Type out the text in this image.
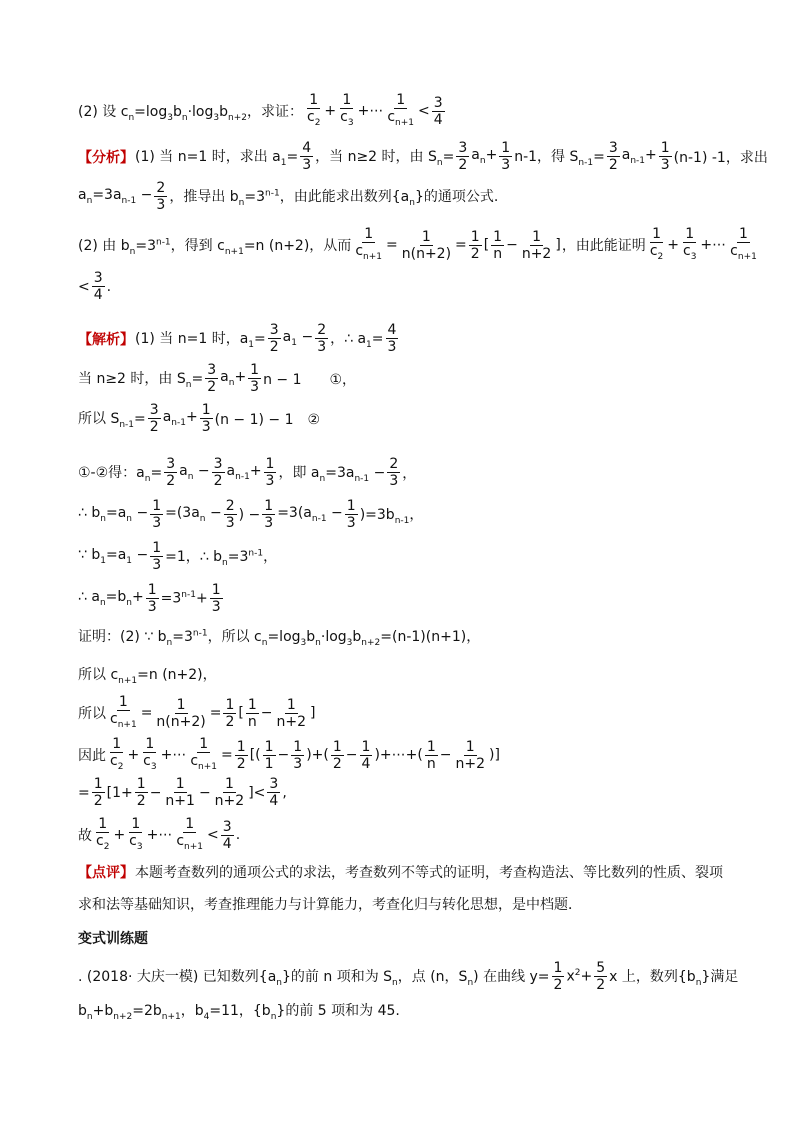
(2) 设 $c_n=\log_3b_n\cdot\log_3b_{n+2}$，求证：
1
$c_2$
+
1
$c_3$
+⋯
1
$c_{n+1}$
<
3
4
【分析】 (1) 当 n=1 时，求出 $a_1= \frac{4}{3}$ ，当 n≥2 时，由 $S_n= \frac{3}{2} a_n+ \frac{1}{3} n-1$，得 $S_{n-1}= \frac{3}{2} a_{n-1}+ \frac{1}{3} (n-1)$ -1，求出
$a_n=3a_{n-1} - \frac{2}{3}$ ，推导出 $b_n=3^{n-1}$，由此能求出数列$\{a_n\}$的通项公式.
(2) 由 $b_n=3^{n-1}$，得到 $c_{n+1}=n$ (n+2)，从而
1
$c_{n+1}$
=
1
n(n+2)
=
1
2
[
1
n
−
1
n+2
] ，由此能证明
1
$c_2$
+
1
$c_3$
+⋯
1
$c_{n+1}$
<
3
4
.
【解析】 (1) 当 n=1 时，$a_1= \frac{3}{2} a_1 - \frac{2}{3}$ ，∴ $a_1= \frac{4}{3}$
当 n≥2 时，由 $S_n= \frac{3}{2} a_n+ \frac{1}{3}$ n − 1　　①，
所以 $S_{n-1}= \frac{3}{2} a_{n-1}+ \frac{1}{3} (n - 1) - 1$　②
①-②得：$a_n= \frac{3}{2} a_n - \frac{3}{2} a_{n-1}+ \frac{1}{3}$ ，即 $a_n=3a_{n-1} - \frac{2}{3}$ ，
∴ $b_n=a_n - \frac{1}{3} =(3a_n - \frac{2}{3}$ ) − $\frac{1}{3} =3(a_{n-1} - \frac{1}{3} )=3b_{n-1}$，
∵ $b_1=a_1 - \frac{1}{3} =1$，∴ $b_n=3^{n-1}$，
∴ $a_n=b_n+ \frac{1}{3} =3^{n-1}+ \frac{1}{3}$
证明：(2) ∵ $b_n=3^{n-1}$，所以 $c_n=\log_3b_n\cdot\log_3b_{n+2}=(n-1)(n+1)$，
所以 $c_{n+1}=n$ (n+2)，
所以
1
$c_{n+1}$
=
1
n(n+2)
=
1
2
[
1
n
−
1
n+2
]
因此
1
$c_2$
+
1
$c_3$
+⋯
1
$c_{n+1}$
=
1
2
[(
1
1
−
1
3
)+(
1
2
−
1
4
)+⋯+(
1
n
−
1
n+2
)]
= $\frac{1}{2} [1+$
1
2
−
1
n+1
−
1
n+2
]<
3
4
,
故
1
$c_2$
+
1
$c_3$
+⋯
1
$c_{n+1}$
<
3
4
.
【点评】 本题考查数列的通项公式的求法，考查数列不等式的证明，考查构造法、等比数列的性质、裂项
求和法等基础知识，考查推理能力与计算能力，考查化归与转化思想，是中档题．
变式训练题
. (2018· 大庆一模) 已知数列$\{a_n\}$的前 n 项和为 $S_n$，点 (n，$S_n$) 在曲线 $y= \frac{1}{2} x^2+ \frac{5}{2}$ x 上，数列$\{b_n\}$满足
$b_n+b_{n+2}=2b_{n+1}$，$b_4=11$，$\{b_n\}$的前 5 项和为 45.
